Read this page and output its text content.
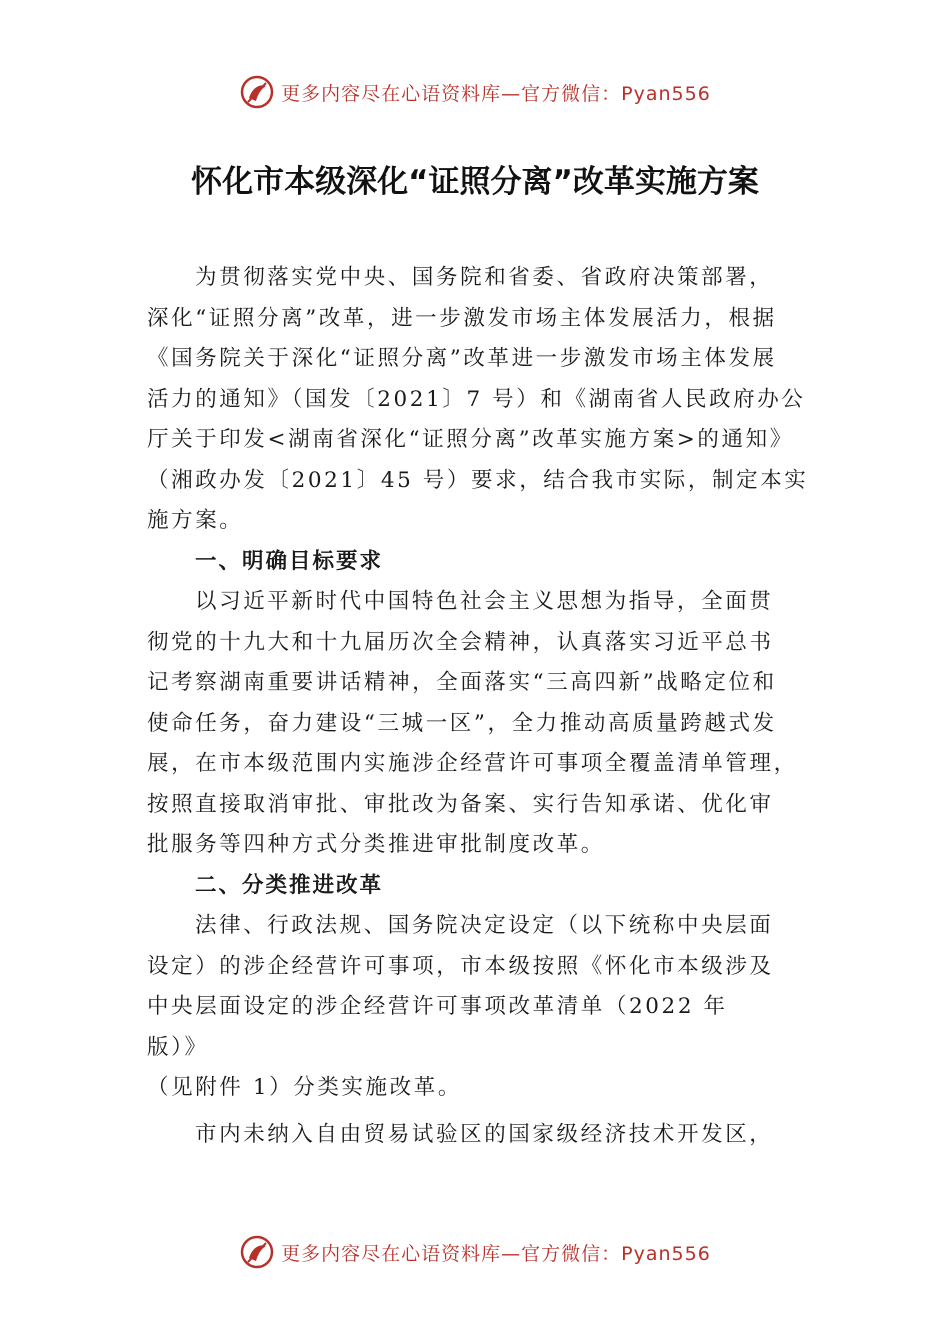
更多内容尽在心语资料库—官方微信：Pyan556
怀化市本级深化“证照分离”改革实施方案
为贯彻落实党中央、国务院和省委、省政府决策部署，
深化“证照分离”改革，进一步激发市场主体发展活力，根据
《国务院关于深化“证照分离”改革进一步激发市场主体发展
活力的通知》（国发〔2021〕7 号）和《湖南省人民政府办公
厅关于印发<湖南省深化“证照分离”改革实施方案>的通知》
（湘政办发〔2021〕45 号）要求，结合我市实际，制定本实
施方案。
一、明确目标要求
以习近平新时代中国特色社会主义思想为指导，全面贯
彻党的十九大和十九届历次全会精神，认真落实习近平总书
记考察湖南重要讲话精神，全面落实“三高四新”战略定位和
使命任务，奋力建设“三城一区”，全力推动高质量跨越式发
展，在市本级范围内实施涉企经营许可事项全覆盖清单管理，
按照直接取消审批、审批改为备案、实行告知承诺、优化审
批服务等四种方式分类推进审批制度改革。
二、分类推进改革
法律、行政法规、国务院决定设定（以下统称中央层面
设定）的涉企经营许可事项，市本级按照《怀化市本级涉及
中央层面设定的涉企经营许可事项改革清单（2022 年
版）》
（见附件 1）分类实施改革。
市内未纳入自由贸易试验区的国家级经济技术开发区，
更多内容尽在心语资料库—官方微信：Pyan556
